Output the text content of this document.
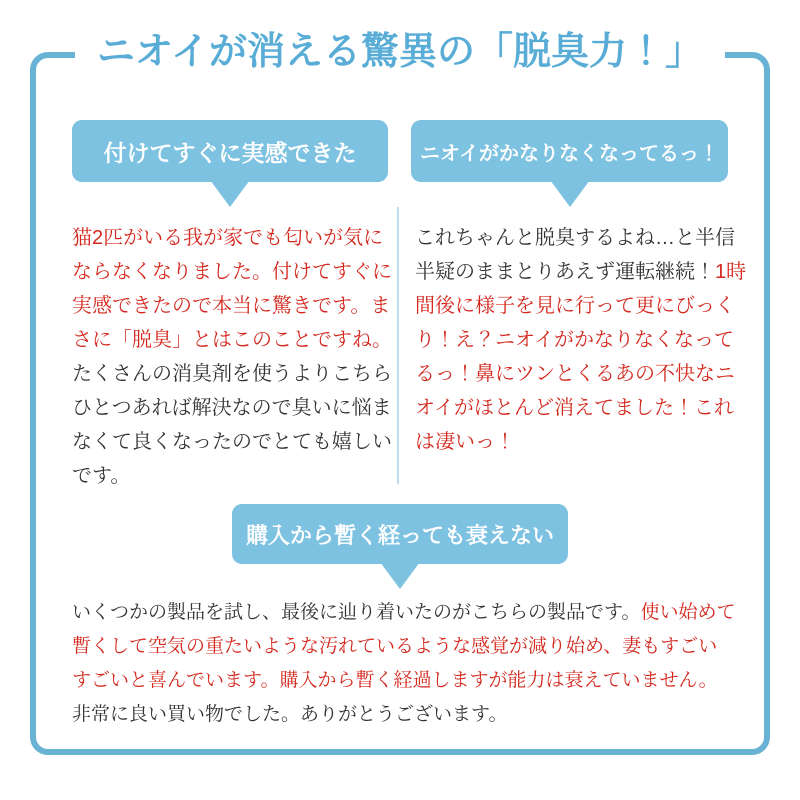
ニオイが消える驚異の「脱臭力！」
付けてすぐに実感できた	ニオイがかなりなくなってるっ！
猫2匹がいる我が家でも匂いが気に
ならなくなりました。付けてすぐに
実感できたので本当に驚きです。ま
さに「脱臭」とはこのことですね。
たくさんの消臭剤を使うよりこちら
ひとつあれば解決なので臭いに悩ま
なくて良くなったのでとても嬉しい
です。
これちゃんと脱臭するよね…と半信
半疑のままとりあえず運転継続！1時
間後に様子を見に行って更にびっく
り！え？ニオイがかなりなくなって
るっ！鼻にツンとくるあの不快なニ
オイがほとんど消えてました！これ
は凄いっ！
購入から暫く経っても衰えない
いくつかの製品を試し、最後に辿り着いたのがこちらの製品です。使い始めて
暫くして空気の重たいような汚れているような感覚が減り始め、妻もすごい
すごいと喜んでいます。購入から暫く経過しますが能力は衰えていません。
非常に良い買い物でした。ありがとうございます。
